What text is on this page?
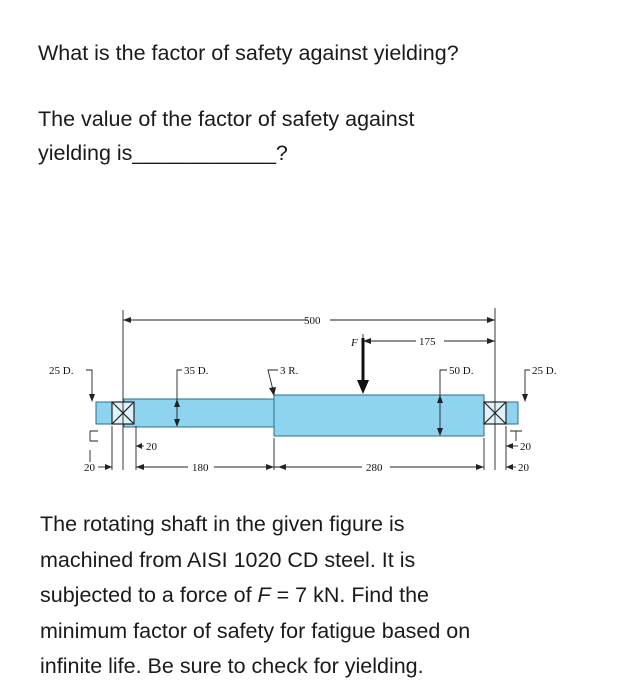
What is the factor of safety against yielding?

The value of the factor of safety against

yielding is____________?

500
175
F
25 D.	35 D.	3 R.	50 D.	25 D.
20
20	180	280
20
20

The rotating shaft in the given figure is

machined from AISI 1020 CD steel. It is

subjected to a force of F = 7 kN. Find the

minimum factor of safety for fatigue based on

infinite life. Be sure to check for yielding.
